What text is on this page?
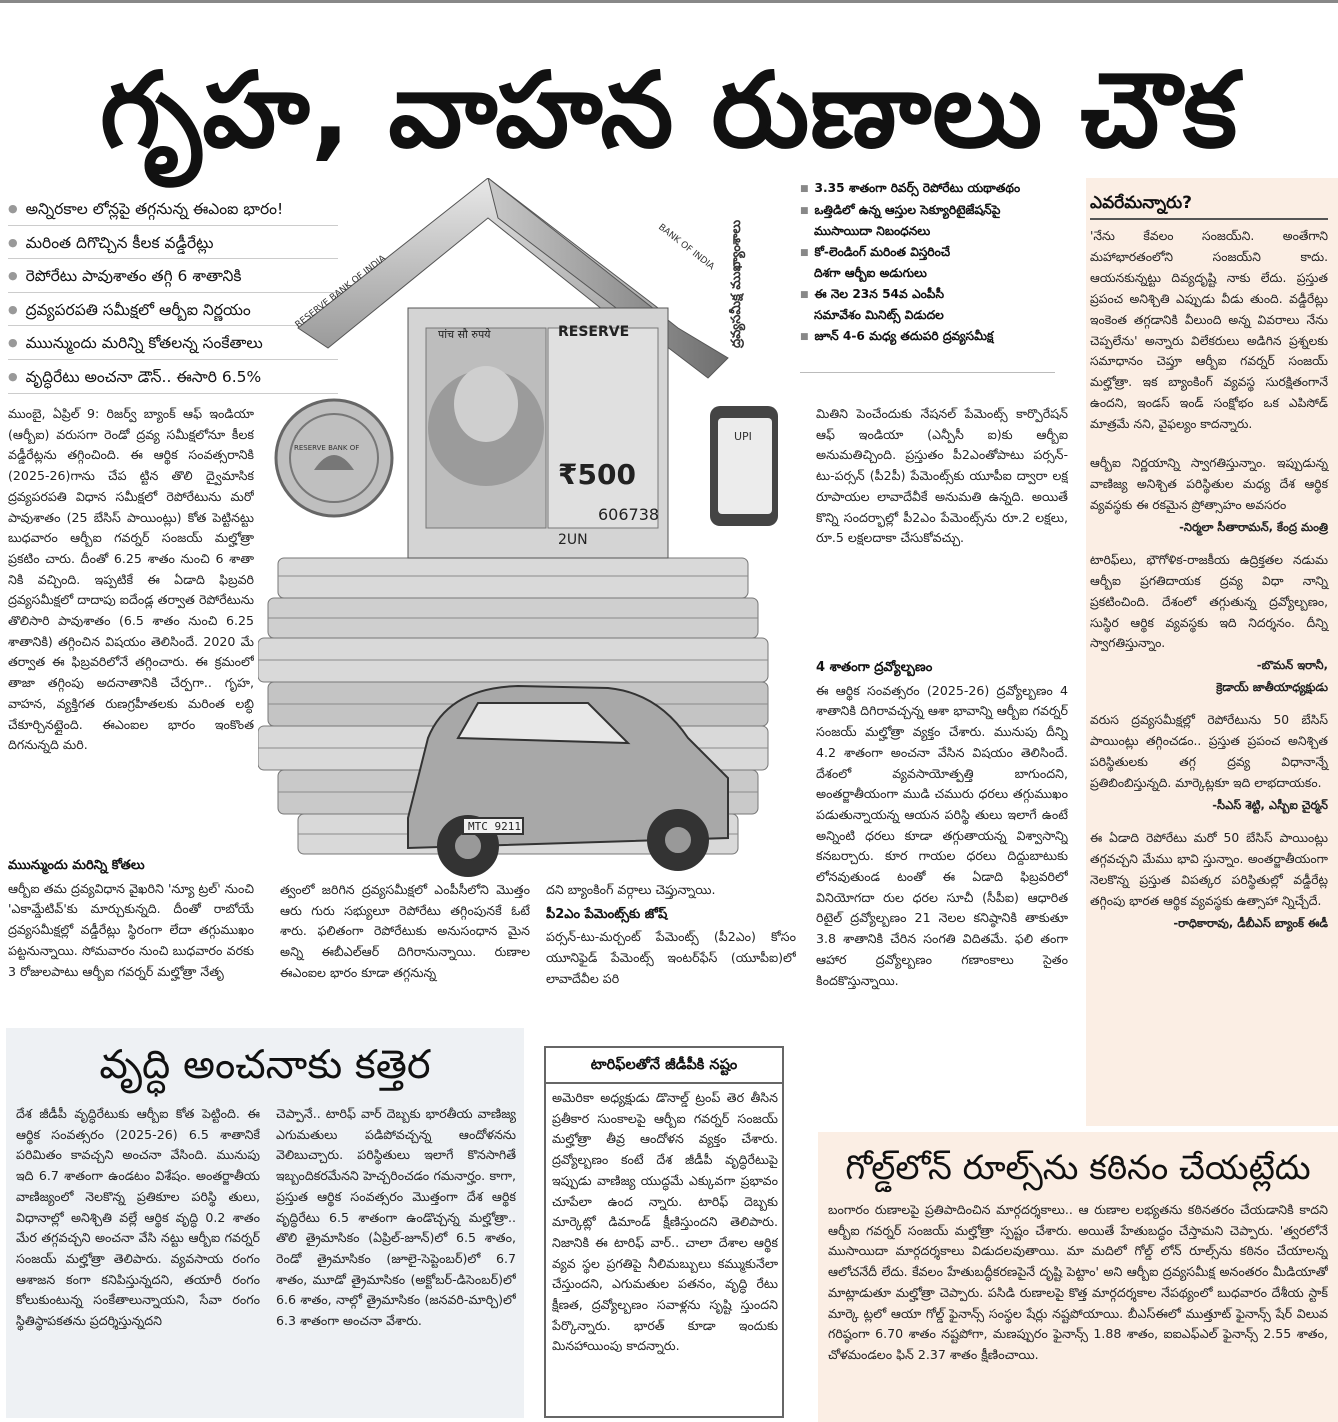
గృహ, వాహన రుణాలు చౌక
● అన్నిరకాల లోన్లపై తగ్గనున్న ఈఎంఐ భారం!
● మరింత దిగొచ్చిన కీలక వడ్డీరేట్లు
● రెపోరేటు పావుశాతం తగ్గి 6 శాతానికి
● ద్రవ్యపరపతి సమీక్షలో ఆర్బీఐ నిర్ణయం
● ముున్ముందు మరిన్ని కోతలన్న సంకేతాలు
● వృద్ధిరేటు అంచనా డౌన్.. ఈసారి 6.5%
RESERVE
पांच सौ रुपये
₹500
606738
2UN
UPI
MTC 9211
RESERVE BANK OF
RESERVE BANK OF INDIA
BANK OF INDIA ద్రవ్యసమీక్ష ముఖ్యాంశాలు
■ 3.35 శాతంగా రివర్స్ రెపోరేటు యథాతథం
■ ఒత్తిడిలో ఉన్న ఆస్తుల సెక్యూరిటైజేషన్‌పై
ముసాయిదా నిబంధనలు
■ కో-లెండింగ్ మరింత విస్తరించే
దిశగా ఆర్బీఐ అడుగులు
■ ఈ నెల 23న 54వ ఎంపీసీ
సమావేశం మినిట్స్ విడుదల
■ జూన్ 4-6 మధ్య తదుపరి ద్రవ్యసమీక్ష

ముంబై, ఏప్రిల్ 9: రిజర్వ్ బ్యాంక్ ఆఫ్ ఇండియా (ఆర్బీఐ) వరుసగా రెండో ద్రవ్య సమీక్షలోనూ కీలక వడ్డీరేట్లను తగ్గించింది. ఈ ఆర్థిక సంవత్సరానికి (2025-26)గాను చేప ట్టిన తొలి ద్వైమాసిక ద్రవ్యపరపతి విధాన సమీక్షలో రెపోరేటును మరో పావుశాతం (25 బేసిస్ పాయింట్లు) కోత పెట్టినట్టు బుధవారం ఆర్బీఐ గవర్నర్ సంజయ్ మల్హోత్రా ప్రకటిం చారు. దీంతో 6.25 శాతం నుంచి 6 శాతా నికి వచ్చింది. ఇప్పటికే ఈ ఏడాది ఫిబ్రవరి ద్రవ్యసమీక్షలో దాదాపు ఐదేండ్ల తర్వాత రెపోరేటును తొలిసారి పావుశాతం (6.5 శాతం నుంచి 6.25 శాతానికి) తగ్గించిన విషయం తెలిసిందే. 2020 మే తర్వాత ఈ ఫిబ్రవరిలోనే తగ్గించారు. ఈ క్రమంలో తాజా తగ్గింపు అదనాతానికి చేర్పగా.. గృహ, వాహన, వ్యక్తిగత రుణగ్రహీతలకు మరింత లబ్ధి చేకూర్చినట్లైంది. ఈఎంఐల భారం ఇంకొంత దిగనున్నది మరి.

ముున్ముందు మరిన్ని కోతలు

ఆర్బీఐ తమ ద్రవ్యవిధాన వైఖరిని 'న్యూ ట్రల్' నుంచి 'ఎకామ్డేటివ్'కు మార్చుకున్నది. దీంతో రాబోయే ద్రవ్యసమీక్షల్లో వడ్డీరేట్లు స్థిరంగా లేదా తగ్గుముఖం పట్టనున్నాయి. సోమవారం నుంచి బుధవారం వరకు 3 రోజులపాటు ఆర్బీఐ గవర్నర్ మల్హోత్రా నేతృ

త్వంలో జరిగిన ద్రవ్యసమీక్షలో ఎంపీసీలోని మొత్తం ఆరు గురు సభ్యులూ రెపోరేటు తగ్గింపునకే ఓటే శారు. ఫలితంగా రెపోరేటుకు అనుసంధాన మైన అన్ని ఈబీఎల్ఆర్ దిగిరానున్నాయి. రుణాల ఈఎంఐల భారం కూడా తగ్గనున్న

దని బ్యాంకింగ్ వర్గాలు చెప్తున్నాయి.

పీ2ఎం పేమెంట్స్‌కు జోష్

పర్సన్-టు-మర్చంట్ పేమెంట్స్ (పీ2ఎం) కోసం యూనిఫైడ్ పేమెంట్స్ ఇంటర్‌ఫేస్ (యూపీఐ)లో లావాదేవీల పరి

మితిని పెంచేందుకు నేషనల్ పేమెంట్స్ కార్పొరేషన్ ఆఫ్ ఇండియా (ఎన్పీసీ ఐ)కు ఆర్బీఐ అనుమతిచ్చింది. ప్రస్తుతం పీ2ఎంతోపాటు పర్సన్-టు-పర్సన్ (పీ2పీ) పేమెంట్స్‌కు యూపీఐ ద్వారా లక్ష రూపాయల లావాదేవీకే అనుమతి ఉన్నది. అయితే కొన్ని సందర్భాల్లో పీ2ఎం పేమెంట్స్‌ను రూ.2 లక్షలు, రూ.5 లక్షలదాకా చేసుకోవచ్చు.

4 శాతంగా ద్రవ్యోల్బణం

ఈ ఆర్థిక సంవత్సరం (2025-26) ద్రవ్యోల్బణం 4 శాతానికి దిగిరావచ్చన్న ఆశా భావాన్ని ఆర్బీఐ గవర్నర్ సంజయ్ మల్హోత్రా వ్యక్తం చేశారు. మునుపు దీన్ని 4.2 శాతంగా అంచనా వేసిన విషయం తెలిసిందే. దేశంలో వ్యవసాయోత్పత్తి బాగుందని, అంతర్జాతీయంగా ముడి చమురు ధరలు తగ్గుముఖం పడుతున్నాయన్న ఆయన పరిస్థి తులు ఇలాగే ఉంటే అన్నింటి ధరలు కూడా తగ్గుతాయన్న విశ్వాసాన్ని కనబర్చారు. కూర గాయల ధరలు దిద్దుబాటుకు లోనవుతుండ టంతో ఈ ఏడాది ఫిబ్రవరిలో వినియోగదా రుల ధరల సూచీ (సీపీఐ) ఆధారిత రిటైల్ ద్రవ్యోల్బణం 21 నెలల కనిష్ఠానికి తాకుతూ 3.8 శాతానికి చేరిన సంగతి విదితమే. ఫలి తంగా ఆహార ద్రవ్యోల్బణం గణాంకాలు సైతం కిందకొస్తున్నాయి.

ఎవరేమన్నారు?
'నేను కేవలం సంజయ్‌ని. అంతేగాని మహాభారతంలోని సంజయ్‌ని కాదు. ఆయనకున్నట్టు దివ్యదృష్టి నాకు లేదు. ప్రస్తుత ప్రపంచ అనిశ్చితి ఎప్పుడు వీడు తుంది. వడ్డీరేట్లు ఇంకెంత తగ్గడానికి వీలుంది అన్న వివరాలు నేను చెప్పలేను' అన్నారు విలేకరులు అడిగిన ప్రశ్నలకు సమాధానం చెప్తూ ఆర్బీఐ గవర్నర్ సంజయ్ మల్హోత్రా. ఇక బ్యాంకింగ్ వ్యవస్థ సురక్షితంగానే ఉందని, ఇండస్ ఇండ్ సంక్షోభం ఒక ఎపిసోడ్ మాత్రమే నని, వైఫల్యం కాదన్నారు.
ఆర్బీఐ నిర్ణయాన్ని స్వాగతిస్తున్నాం. ఇప్పుడున్న వాణిజ్య అనిశ్చిత పరిస్థితుల మధ్య దేశ ఆర్థిక వ్యవస్థకు ఈ రకమైన ప్రోత్సాహం అవసరం
-నిర్మలా సీతారామన్, కేంద్ర మంత్రి
టారిఫ్‌లు, భౌగోళిక-రాజకీయ ఉద్రిక్తతల నడుమ ఆర్బీఐ ప్రగతిదాయక ద్రవ్య విధా నాన్ని ప్రకటించింది. దేశంలో తగ్గుతున్న ద్రవ్యోల్బణం, సుస్థిర ఆర్థిక వ్యవస్థకు ఇది నిదర్శనం. దీన్ని స్వాగతిస్తున్నాం.
-బొమన్ ఇరానీ,
క్రెడాయ్ జాతీయాధ్యక్షుడు
వరుస ద్రవ్యసమీక్షల్లో రెపోరేటును 50 బేసిస్ పాయింట్లు తగ్గించడం.. ప్రస్తుత ప్రపంచ అనిశ్చిత పరిస్థితులకు తగ్గ ద్రవ్య విధానాన్నే ప్రతిబింబిస్తున్నది. మార్కెట్లకూ ఇది లాభదాయకం.
-సీఎస్ శెట్టి, ఎస్బీఐ చైర్మన్
ఈ ఏడాది రెపోరేటు మరో 50 బేసిస్ పాయింట్లు తగ్గవచ్చని మేము భావి స్తున్నాం. అంతర్జాతీయంగా నెలకొన్న ప్రస్తుత విపత్కర పరిస్థితుల్లో వడ్డీరేట్ల తగ్గింపు భారత ఆర్థిక వ్యవస్థకు ఉత్సాహా న్నిచ్చేదే.
-రాధికారావు, డీబీఎస్ బ్యాంక్ ఈడీ
వృద్ధి అంచనాకు కత్తెర

దేశ జీడీపీ వృద్ధిరేటుకు ఆర్బీఐ కోత పెట్టింది. ఈ ఆర్థిక సంవత్సరం (2025-26) 6.5 శాతానికే పరిమితం కావచ్చని అంచనా వేసింది. మునుపు ఇది 6.7 శాతంగా ఉండటం విశేషం. అంతర్జాతీయ వాణిజ్యంలో నెలకొన్న ప్రతికూల పరిస్థి తులు, విధానాల్లో అనిశ్చితి వల్లే ఆర్థిక వృద్ధి 0.2 శాతం మేర తగ్గవచ్చని అంచనా వేసి నట్టు ఆర్బీఐ గవర్నర్ సంజయ్ మల్హోత్రా తెలిపారు. వ్యవసాయ రంగం ఆశాజన కంగా కనిపిస్తున్నదని, తయారీ రంగం కోలుకుంటున్న సంకేతాలున్నాయని, సేవా రంగం స్థితిస్థాపకతను ప్రదర్శిస్తున్నదని

చెప్పానే.. టారిఫ్ వార్ దెబ్బకు భారతీయ వాణిజ్య ఎగుమతులు పడిపోవచ్చన్న ఆందోళనను వెలిబుచ్చారు. పరిస్థితులు ఇలాగే కొనసాగితే ఇబ్బందికరమేనని హెచ్చరించడం గమనార్హం. కాగా, ప్రస్తుత ఆర్థిక సంవత్సరం మొత్తంగా దేశ ఆర్థిక వృద్ధిరేటు 6.5 శాతంగా ఉండొచ్చన్న మల్హోత్రా.. తొలి త్రైమాసికం (ఏప్రిల్-జూన్)లో 6.5 శాతం, రెండో త్రైమాసికం (జూలై-సెప్టెంబర్)లో 6.7 శాతం, మూడో త్రైమాసికం (అక్టోబర్-డిసెంబర్)లో 6.6 శాతం, నాల్గో త్రైమాసికం (జనవరి-మార్చి)లో 6.3 శాతంగా అంచనా వేశారు.

టారిఫ్‌లతోనే జీడీపీకి నష్టం

అమెరికా అధ్యక్షుడు డొనాల్డ్ ట్రంప్ తెర తీసిన ప్రతీకార సుంకాలపై ఆర్బీఐ గవర్నర్ సంజయ్ మల్హోత్రా తీవ్ర ఆందోళన వ్యక్తం చేశారు. ద్రవ్యోల్బణం కంటే దేశ జీడీపీ వృద్ధిరేటుపై ఇప్పుడు వాణిజ్య యుద్ధమే ఎక్కువగా ప్రభావం చూపేలా ఉంద న్నారు. టారిఫ్ దెబ్బకు మార్కెట్లో డిమాండ్ క్షీణిస్తుందని తెలిపారు. నిజానికి ఈ టారిఫ్ వార్.. చాలా దేశాల ఆర్థిక వ్యవ స్థల ప్రగతిపై నీలిమబ్బులు కమ్ముకునేలా చేస్తుందని, ఎగుమతుల పతనం, వృద్ధి రేటు క్షీణత, ద్రవ్యోల్బణం సవాళ్లను సృష్టి స్తుందని పేర్కొన్నారు. భారత్ కూడా ఇందుకు మినహాయింపు కాదన్నారు.

గోల్డ్‌లోన్ రూల్స్‌ను కఠినం చేయట్లేదు

బంగారం రుణాలపై ప్రతిపాదించిన మార్గదర్శకాలు.. ఆ రుణాల లభ్యతను కఠినతరం చేయడానికి కాదని ఆర్బీఐ గవర్నర్ సంజయ్ మల్హోత్రా స్పష్టం చేశారు. అయితే హేతుబద్ధం చేస్తామని చెప్పారు. 'త్వరలోనే ముసాయిదా మార్గదర్శకాలు విడుదలవుతాయి. మా మదిలో గోల్డ్ లోన్ రూల్స్‌ను కఠినం చేయాలన్న ఆలోచనేదీ లేదు. కేవలం హేతుబద్ధీకరణపైనే దృష్టి పెట్టాం' అని ఆర్బీఐ ద్రవ్యసమీక్ష అనంతరం మీడియాతో మాట్లాడుతూ మల్హోత్రా చెప్పారు. పసిడి రుణాలపై కొత్త మార్గదర్శకాల నేపథ్యంలో బుధవారం దేశీయ స్టాక్ మార్కె ట్లలో ఆయా గోల్డ్ ఫైనాన్స్ సంస్థల షేర్లు నష్టపోయాయి. బీఎస్‌ఈలో ముత్తూట్ ఫైనాన్స్ షేర్ విలువ గరిష్ఠంగా 6.70 శాతం నష్టపోగా, మణప్పురం ఫైనాన్స్ 1.88 శాతం, ఐఐఎఫ్ఎల్ ఫైనాన్స్ 2.55 శాతం, చోళమండలం ఫిన్ 2.37 శాతం క్షీణించాయి.
